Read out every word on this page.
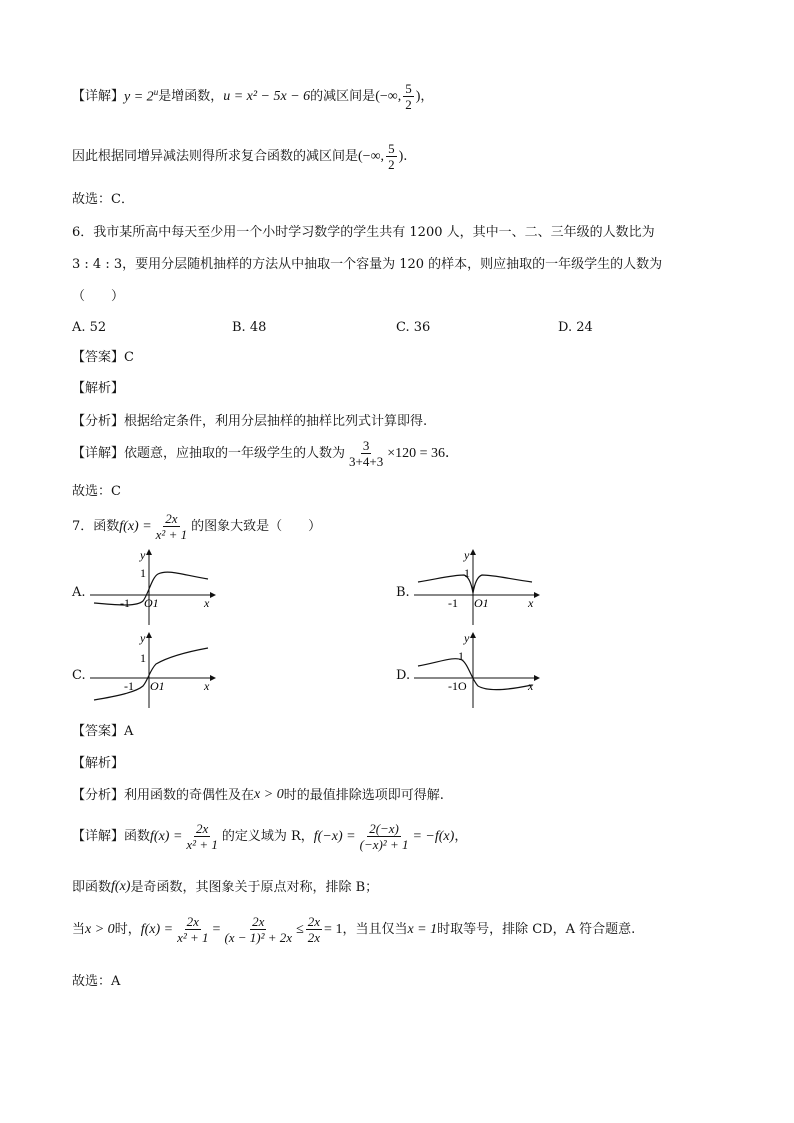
【详解】 $y = 2^u$ 是增函数， u = x² − 5x − 6 的减区间是 (−∞, $\frac{5}{2}$ ) ，
因此根据同增异减法则得所求复合函数的减区间是 (−∞, $\frac{5}{2}$ ) .
故选：C．
6．我市某所高中每天至少用一个小时学习数学的学生共有 1200 人，其中一、二、三年级的人数比为
3 : 4 : 3，要用分层随机抽样的方法从中抽取一个容量为 120 的样本，则应抽取的一年级学生的人数为
（　　）
A. 52	B. 48	C. 36	D. 24
【答案】 C
【解析】
【分析】 根据给定条件，利用分层抽样的抽样比列式计算即得.
【详解】 依题意，应抽取的一年级学生的人数为 $\frac{3}{3+4+3} \times 120 = 36$．
故选：C
7．函数 $f(x) = \frac{2x}{\text{x² + 1}}$ 的图象大致是（　　）
A.	B.
C.	D.
y
1
-1 O1	x
y
1
-1 O1	x
y
1
-1 O1	x
y
1
-1O	x
【答案】 A
【解析】
【分析】 利用函数的奇偶性及在 x > 0 时的最值排除选项即可得解.
【详解】 函数 $f(x) = \frac{2x}{\text{x² + 1}}$ 的定义域为 R， $f(-x) = \frac{2(-x)}{\text{(−x)² + 1}} = -f(x)$ ，
即函数 f(x) 是奇函数，其图象关于原点对称，排除 B；
当 x > 0 时， $f(x) = \frac{2x}{\text{x² + 1}} = \frac{2x}{\text{(x − 1)² + 2x}} \le \frac{2x}{2x} = 1$ ，当且仅当 x = 1 时取等号，排除 CD，A 符合题意.
故选：A
